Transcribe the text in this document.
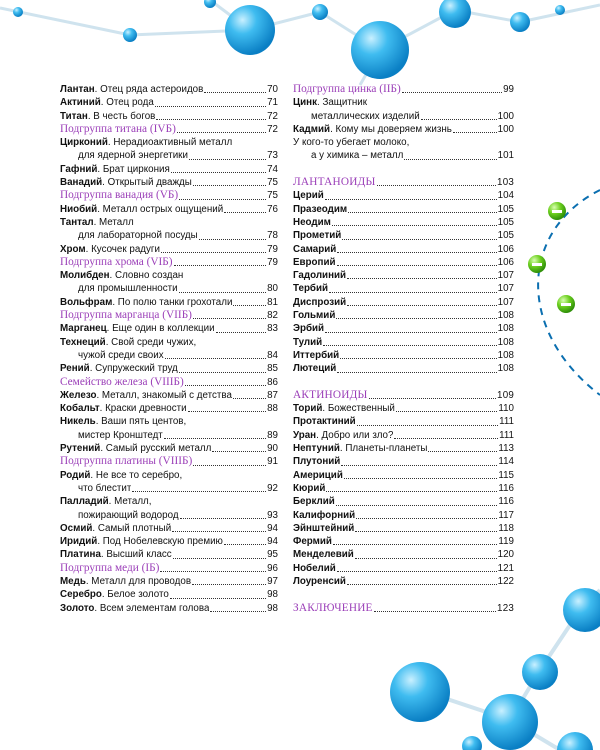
Лантан. Отец ряда астероидов	70
Актиний. Отец рода	71
Титан. В честь богов	72
Подгруппа титана (IVБ)	72
Цирконий. Нерадиоактивный металл
для ядерной энергетики	73
Гафний. Брат циркония	74
Ванадий. Открытый дважды	75
Подгруппа ванадия (VБ)	75
Ниобий. Металл острых ощущений	76
Тантал. Металл
для лабораторной посуды	78
Хром. Кусочек радуги	79
Подгруппа хрома (VIБ)	79
Молибден. Словно создан
для промышленности	80
Вольфрам. По полю танки грохотали	81
Подгруппа марганца (VIIБ)	82
Марганец. Еще один в коллекции	83
Технеций. Свой среди чужих,
чужой среди своих	84
Рений. Супружеский труд	85
Семейство железа (VIIIБ)	86
Железо. Металл, знакомый с детства	87
Кобальт. Краски древности	88
Никель. Ваши пять центов,
мистер Кронштедт	89
Рутений. Самый русский металл	90
Подгруппа платины (VIIIБ)	91
Родий. Не все то серебро,
что блестит	92
Палладий. Металл,
пожирающий водород	93
Осмий. Самый плотный	94
Иридий. Под Нобелевскую премию	94
Платина. Высший класс	95
Подгруппа меди (IБ)	96
Медь. Металл для проводов	97
Серебро. Белое золото	98
Золото. Всем элементам голова	98
Подгруппа цинка (IIБ)	99
Цинк. Защитник
металлических изделий	100
Кадмий. Кому мы доверяем жизнь	100
У кого-то убегает молоко,
а у химика – металл	101
ЛАНТАНОИДЫ	103
Церий	104
Празеодим	105
Неодим	105
Прометий	105
Самарий	106
Европий	106
Гадолиний	107
Тербий	107
Диспрозий	107
Гольмий	108
Эрбий	108
Тулий	108
Иттербий	108
Лютеций	108
АКТИНОИДЫ	109
Торий. Божественный	110
Протактиний	111
Уран. Добро или зло?	111
Нептуний. Планеты-планеты	113
Плутоний	114
Америций	115
Кюрий	116
Берклий	116
Калифорний	117
Эйнштейний	118
Фермий	119
Менделевий	120
Нобелий	121
Лоуренсий	122
ЗАКЛЮЧЕНИЕ	123
